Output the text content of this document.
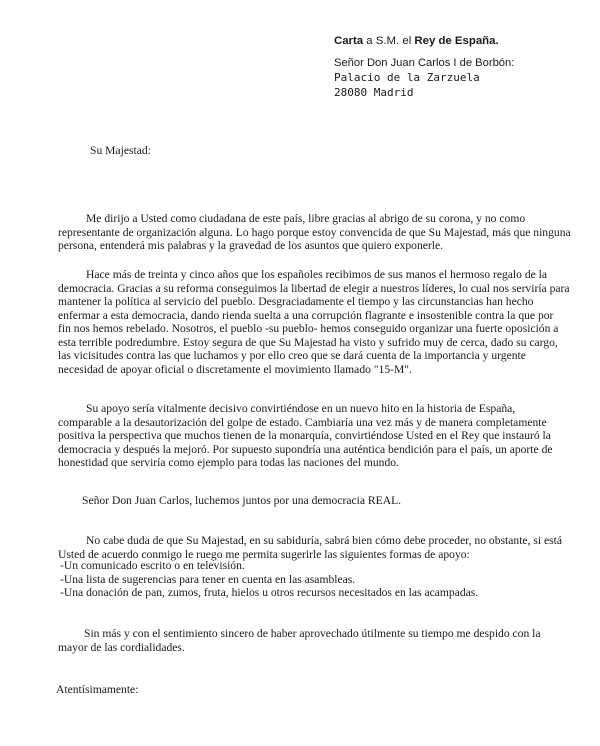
Carta a S.M. el Rey de España.
Señor Don Juan Carlos I de Borbón:
Palacio de la Zarzuela
28080 Madrid
Su Majestad:
Me dirijo a Usted como ciudadana de este país, libre gracias al abrigo de su corona, y no como
representante de organización alguna. Lo hago porque estoy convencida de que Su Majestad, más que ninguna
persona, entenderá mis palabras y la gravedad de los asuntos que quiero exponerle.
Hace más de treinta y cinco años que los españoles recibimos de sus manos el hermoso regalo de la
democracia. Gracias a su reforma conseguimos la libertad de elegir a nuestros líderes, lo cual nos serviría para
mantener la política al servicio del pueblo. Desgraciadamente el tiempo y las circunstancias han hecho
enfermar a esta democracia, dando rienda suelta a una corrupción flagrante e insostenible contra la que por
fin nos hemos rebelado. Nosotros, el pueblo -su pueblo- hemos conseguido organizar una fuerte oposición a
esta terrible podredumbre. Estoy segura de que Su Majestad ha visto y sufrido muy de cerca, dado su cargo,
las vicisitudes contra las que luchamos y por ello creo que se dará cuenta de la importancia y urgente
necesidad de apoyar oficial o discretamente el movimiento llamado "15-M".
Su apoyo sería vitalmente decisivo convirtiéndose en un nuevo hito en la historia de España,
comparable a la desautorización del golpe de estado. Cambiaría una vez más y de manera completamente
positiva la perspectiva que muchos tienen de la monarquía, convirtiéndose Usted en el Rey que instauró la
democracia y después la mejoró. Por supuesto supondría una auténtica bendición para el país, un aporte de
honestidad que serviría como ejemplo para todas las naciones del mundo.
Señor Don Juan Carlos, luchemos juntos por una democracia REAL.
No cabe duda de que Su Majestad, en su sabiduría, sabrá bien cómo debe proceder, no obstante, si está
Usted de acuerdo conmigo le ruego me permita sugerirle las siguientes formas de apoyo:
-Un comunicado escrito o en televisión.
-Una lista de sugerencias para tener en cuenta en las asambleas.
-Una donación de pan, zumos, fruta, hielos u otros recursos necesitados en las acampadas.
Sin más y con el sentimiento sincero de haber aprovechado útilmente su tiempo me despido con la
mayor de las cordialidades.
Atentísimamente:
